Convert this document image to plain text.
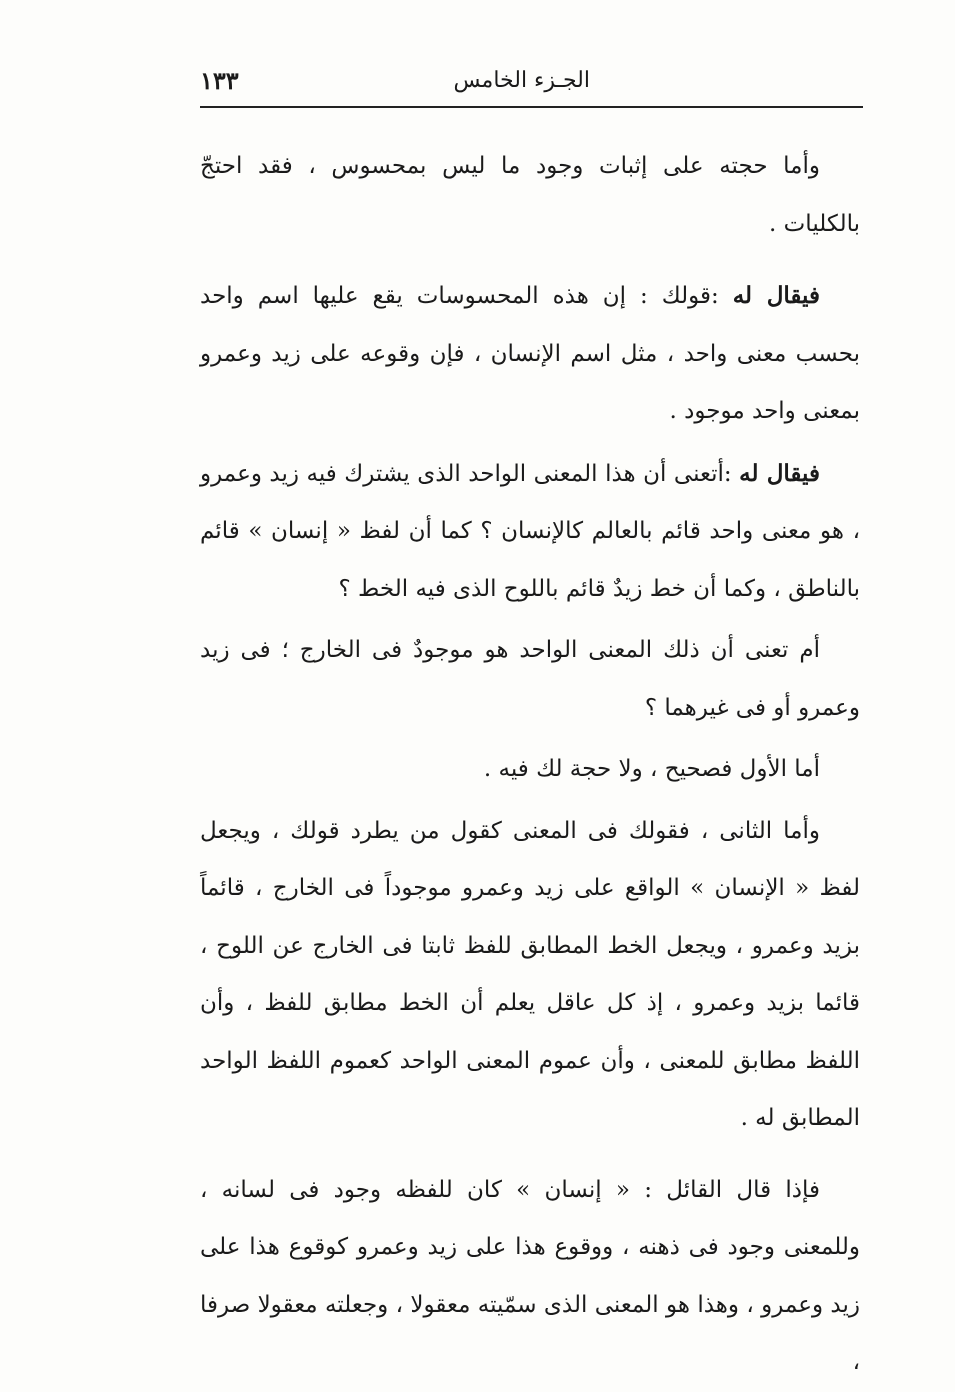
الجـزء الخامس
١٣٣

وأما حجته على إثبات وجود ما ليس بمحسوس ، فقد احتجّ بالكليات .

فيقال له :قولك : إن هذه المحسوسات يقع عليها اسم واحد بحسب معنى واحد ، مثل اسم الإنسان ، فإن وقوعه على زيد وعمرو بمعنى واحد موجود .

فيقال له :أتعنى أن هذا المعنى الواحد الذى يشترك فيه زيد وعمرو ، هو معنى واحد قائم بالعالم كالإنسان ؟ كما أن لفظ « إنسان » قائم بالناطق ، وكما أن خط زيدٌ قائم باللوح الذى فيه الخط ؟

أم تعنى أن ذلك المعنى الواحد هو موجودٌ فى الخارج ؛ فى زيد وعمرو أو فى غيرهما ؟

أما الأول فصحيح ، ولا حجة لك فيه .

وأما الثانى ، فقولك فى المعنى كقول من يطرد قولك ، ويجعل لفظ « الإنسان » الواقع على زيد وعمرو موجوداً فى الخارج ، قائماً بزيد وعمرو ، ويجعل الخط المطابق للفظ ثابتا فى الخارج عن اللوح ، قائما بزيد وعمرو ، إذ كل عاقل يعلم أن الخط مطابق للفظ ، وأن اللفظ مطابق للمعنى ، وأن عموم المعنى الواحد كعموم اللفظ الواحد المطابق له .

فإذا قال القائل : « إنسان » كان للفظه وجود فى لسانه ، وللمعنى وجود فى ذهنه ، ووقوع هذا على زيد وعمرو كوقوع هذا على زيد وعمرو ، وهذا هو المعنى الذى سمّيته معقولا ، وجعلته معقولا صرفا ،
